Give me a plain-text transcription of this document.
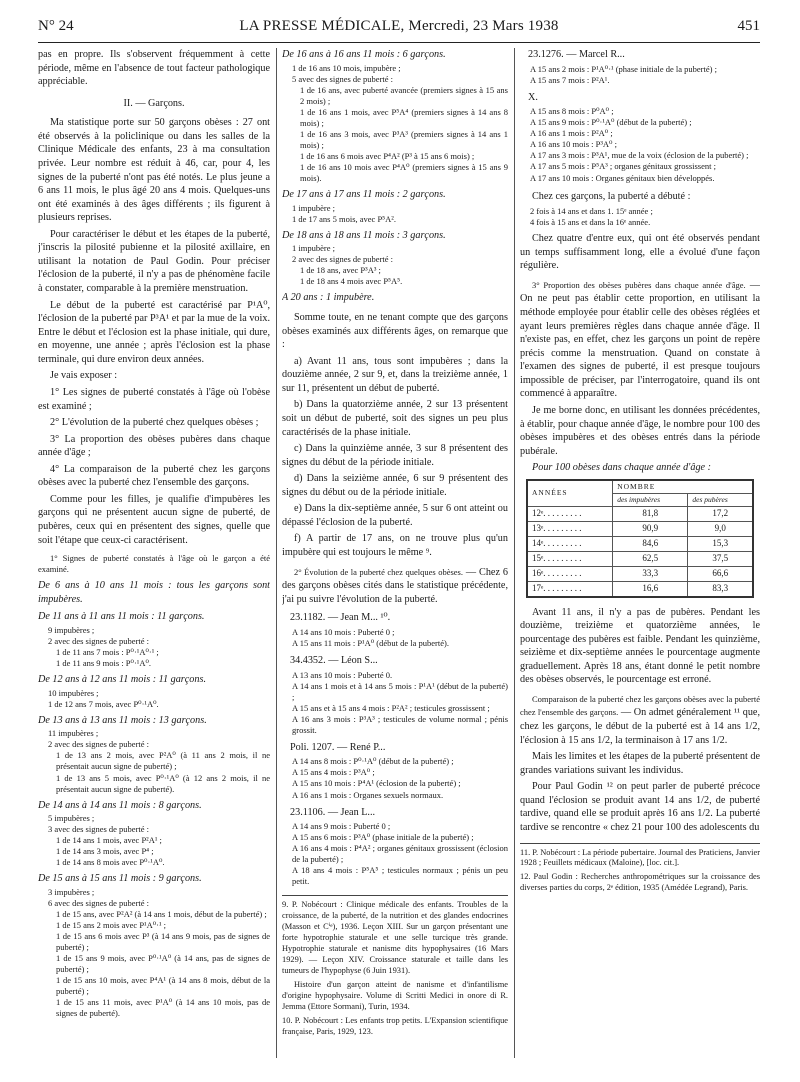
N° 24	LA PRESSE MÉDICALE, Mercredi, 23 Mars 1938	451

pas en propre. Ils s'observent fréquemment à cette période, même en l'absence de tout facteur pathologique appréciable.

II. — Garçons.

Ma statistique porte sur 50 garçons obèses : 27 ont été observés à la policlinique ou dans les salles de la Clinique Médicale des enfants, 23 à ma consultation privée. Leur nombre est réduit à 46, car, pour 4, les signes de la puberté n'ont pas été notés. Le plus jeune a 6 ans 11 mois, le plus âgé 20 ans 4 mois. Quelques-uns ont été examinés à des âges différents ; ils figurent à plusieurs reprises.

Pour caractériser le début et les étapes de la puberté, j'inscris la pilosité pubienne et la pilosité axillaire, en utilisant la notation de Paul Godin. Pour préciser l'éclosion de la puberté, il n'y a pas de phénomène facile à constater, comparable à la première menstruation.

Le début de la puberté est caractérisé par P¹A⁰, l'éclosion de la puberté par P³A¹ et par la mue de la voix. Entre le début et l'éclosion est la phase initiale, qui dure, en moyenne, une année ; après l'éclosion est la phase terminale, qui dure environ deux années.

Je vais exposer :

1° Les signes de puberté constatés à l'âge où l'obèse est examiné ;

2° L'évolution de la puberté chez quelques obèses ;

3° La proportion des obèses pubères dans chaque année d'âge ;

4° La comparaison de la puberté chez les garçons obèses avec la puberté chez l'ensemble des garçons.

Comme pour les filles, je qualifie d'impubères les garçons qui ne présentent aucun signe de puberté, de pubères, ceux qui en présentent des signes, quelle que soit l'étape que ceux-ci caractérisent.

1° Signes de puberté constatés à l'âge où le garçon a été examiné.

De 6 ans à 10 ans 11 mois : tous les garçons sont impubères.

De 11 ans à 11 ans 11 mois : 11 garçons.

9 impubères ;
2 avec des signes de puberté :
1 de 11 ans 7 mois : P⁰·¹A⁰·¹ ;
1 de 11 ans 9 mois : P⁰·¹A⁰.

De 12 ans à 12 ans 11 mois : 11 garçons.

10 impubères ;
1 de 12 ans 7 mois, avec P⁰·¹A⁰.

De 13 ans à 13 ans 11 mois : 13 garçons.

11 impubères ;
2 avec des signes de puberté :
1 de 13 ans 2 mois, avec P²A⁰ (à 11 ans 2 mois, il ne présentait aucun signe de puberté) ;
1 de 13 ans 5 mois, avec P⁰·¹A⁰ (à 12 ans 2 mois, il ne présentait aucun signe de puberté).

De 14 ans à 14 ans 11 mois : 8 garçons.

5 impubères ;
3 avec des signes de puberté :
1 de 14 ans 1 mois, avec P²A¹ ;
1 de 14 ans 3 mois, avec P⁴ ;
1 de 14 ans 8 mois avec P⁰·¹A⁰.

De 15 ans à 15 ans 11 mois : 9 garçons.

3 impubères ;
6 avec des signes de puberté :
1 de 15 ans, avec P²A² (à 14 ans 1 mois, début de la puberté) ;
1 de 15 ans 2 mois avec P¹A⁰·¹ ;
1 de 15 ans 6 mois avec P³ (à 14 ans 9 mois, pas de signes de puberté) ;
1 de 15 ans 9 mois, avec P⁰·¹A⁰ (à 14 ans, pas de signes de puberté) ;
1 de 15 ans 10 mois, avec P⁴A¹ (à 14 ans 8 mois, début de la puberté) ;
1 de 15 ans 11 mois, avec P¹A⁰ (à 14 ans 10 mois, pas de signes de puberté).

De 16 ans à 16 ans 11 mois : 6 garçons.

1 de 16 ans 10 mois, impubère ;
5 avec des signes de puberté :
1 de 16 ans, avec puberté avancée (premiers signes à 15 ans 2 mois) ;
1 de 16 ans 1 mois, avec P⁵A⁴ (premiers signes à 14 ans 8 mois) ;
1 de 16 ans 3 mois, avec P³A³ (premiers signes à 14 ans 1 mois) ;
1 de 16 ans 6 mois avec P⁴A² (P³ à 15 ans 6 mois) ;
1 de 16 ans 10 mois avec P⁴A⁰ (premiers signes à 15 ans 9 mois).

De 17 ans à 17 ans 11 mois : 2 garçons.

1 impubère ;
1 de 17 ans 5 mois, avec P⁵A².

De 18 ans à 18 ans 11 mois : 3 garçons.

1 impubère ;
2 avec des signes de puberté :
1 de 18 ans, avec P³A³ ;
1 de 18 ans 4 mois avec P⁵A⁵.

A 20 ans : 1 impubère.

Somme toute, en ne tenant compte que des garçons obèses examinés aux différents âges, on remarque que :

a) Avant 11 ans, tous sont impubères ; dans la douzième année, 2 sur 9, et, dans la treizième année, 1 sur 11, présentent un début de puberté.

b) Dans la quatorzième année, 2 sur 13 présentent soit un début de puberté, soit des signes un peu plus caractérisés de la phase initiale.

c) Dans la quinzième année, 3 sur 8 présentent des signes du début de la période initiale.

d) Dans la seizième année, 6 sur 9 présentent des signes du début ou de la période initiale.

e) Dans la dix-septième année, 5 sur 6 ont atteint ou dépassé l'éclosion de la puberté.

f) A partir de 17 ans, on ne trouve plus qu'un impubère qui est toujours le même ⁹.

2° Évolution de la puberté chez quelques obèses. — Chez 6 des garçons obèses cités dans le statistique précédente, j'ai pu suivre l'évolution de la puberté.

23.1182. — Jean M... ¹⁰.

A 14 ans 10 mois : Puberté 0 ;
A 15 ans 11 mois : P¹A⁰ (début de la puberté).

34.4352. — Léon S...

A 13 ans 10 mois : Puberté 0.
A 14 ans 1 mois et à 14 ans 5 mois : P¹A¹ (début de la puberté) ;
A 15 ans et à 15 ans 4 mois : P²A² ; testicules grossissent ;
A 16 ans 3 mois : P³A³ ; testicules de volume normal ; pénis grossit.

Poli. 1207. — René P...

A 14 ans 8 mois : P⁰·¹A⁰ (début de la puberté) ;
A 15 ans 4 mois : P³A⁰ ;
A 15 ans 10 mois : P⁴A¹ (éclosion de la puberté) ;
A 16 ans 1 mois : Organes sexuels normaux.

23.1106. — Jean L...

A 14 ans 9 mois : Puberté 0 ;
A 15 ans 6 mois : P³A⁰ (phase initiale de la puberté) ;
A 16 ans 4 mois : P⁴A² ; organes génitaux grossissent (éclosion de la puberté) ;
A 18 ans 4 mois : P⁵A⁵ ; testicules normaux ; pénis un peu petit.

9. P. Nobécourt : Clinique médicale des enfants. Troubles de la croissance, de la puberté, de la nutrition et des glandes endocrines (Masson et Cⁱᵉ), 1936. Leçon XIII. Sur un garçon présentant une forte hypotrophie staturale et une selle turcique très grande. Hypotrophie staturale et nanisme dits hypophysaires (16 Mars 1929). — Leçon XIV. Croissance staturale et taille dans les tumeurs de l'hypophyse (6 Juin 1931).

Histoire d'un garçon atteint de nanisme et d'infantilisme d'origine hypophysaire. Volume di Scritti Medici in onore di R. Jemma (Ettore Sormani), Turin, 1934.

10. P. Nobécourt : Les enfants trop petits. L'Expansion scientifique française, Paris, 1929, 123.

23.1276. — Marcel R...

A 15 ans 2 mois : P¹A⁰·¹ (phase initiale de la puberté) ;
A 15 ans 7 mois : P²A¹.

X.

A 15 ans 8 mois : P⁰A⁰ ;
A 15 ans 9 mois : P⁰·¹A⁰ (début de la puberté) ;
A 16 ans 1 mois : P²A⁰ ;
A 16 ans 10 mois : P³A⁰ ;
A 17 ans 3 mois : P³A¹, mue de la voix (éclosion de la puberté) ;
A 17 ans 5 mois : P⁵A³ ; organes génitaux grossissent ;
A 17 ans 10 mois : Organes génitaux bien développés.

Chez ces garçons, la puberté a débuté :

2 fois à 14 ans et dans 1. 15ᵉ année ;
4 fois à 15 ans et dans la 16ᵉ année.

Chez quatre d'entre eux, qui ont été observés pendant un temps suffisamment long, elle a évolué d'une façon régulière.

3° Proportion des obèses pubères dans chaque année d'âge. — On ne peut pas établir cette proportion, en utilisant la méthode employée pour établir celle des obèses réglées et ayant leurs premières règles dans chaque année d'âge. Il n'existe pas, en effet, chez les garçons un point de repère précis comme la menstruation. Quand on constate à l'examen des signes de puberté, il est presque toujours impossible de préciser, par l'interrogatoire, quand ils ont commencé à apparaître.

Je me borne donc, en utilisant les données précédentes, à établir, pour chaque année d'âge, le nombre pour 100 des obèses impubères et des obèses entrés dans la période pubérale.

Pour 100 obèses dans chaque année d'âge :

ANNÉES	NOMBRE	
	des impubères	des pubères
12ᵉ. . . . . . . . .	81,8	17,2
13ᵉ. . . . . . . . .	90,9	9,0
14ᵉ. . . . . . . . .	84,6	15,3
15ᵉ. . . . . . . . .	62,5	37,5
16ᵉ. . . . . . . . .	33,3	66,6
17ᵉ. . . . . . . . .	16,6	83,3

Avant 11 ans, il n'y a pas de pubères. Pendant les douzième, treizième et quatorzième années, le pourcentage des pubères est faible. Pendant les quinzième, seizième et dix-septième années le pourcentage augmente graduellement. Après 18 ans, étant donné le petit nombre des obèses observés, le pourcentage est erroné.

Comparaison de la puberté chez les garçons obèses avec la puberté chez l'ensemble des garçons. — On admet généralement ¹¹ que, chez les garçons, le début de la puberté est à 14 ans 1/2, l'éclosion à 15 ans 1/2, la terminaison à 17 ans 1/2.

Mais les limites et les étapes de la puberté présentent de grandes variations suivant les individus.

Pour Paul Godin ¹² on peut parler de puberté précoce quand l'éclosion se produit avant 14 ans 1/2, de puberté tardive, quand elle se produit après 16 ans 1/2. La puberté tardive se rencontre « chez 21 pour 100 des adolescents du

11. P. Nobécourt : La période pubertaire. Journal des Praticiens, Janvier 1928 ; Feuillets médicaux (Maloine), [loc. cit.].

12. Paul Godin : Recherches anthropométriques sur la croissance des diverses parties du corps, 2ᵉ édition, 1935 (Amédée Legrand), Paris.
